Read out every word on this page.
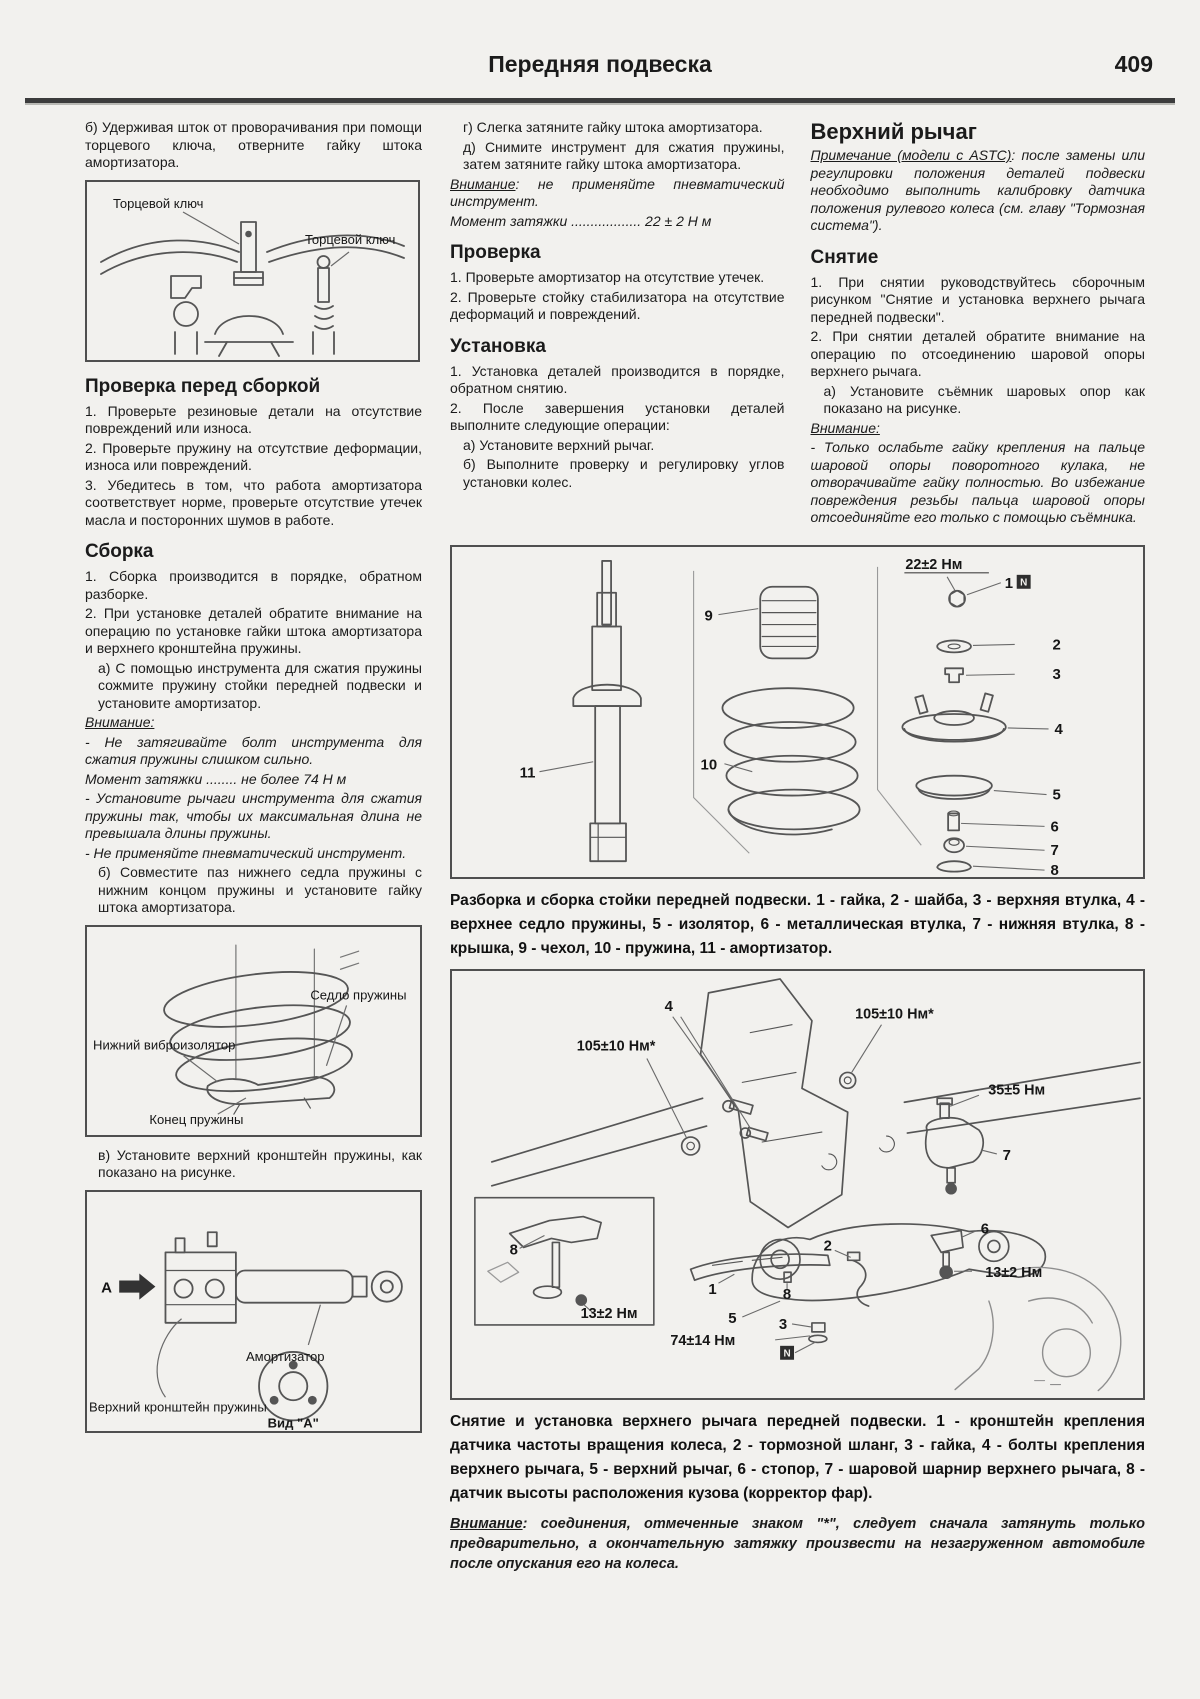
Передняя подвеска	409

б) Удерживая шток от проворачивания при помощи торцевого ключа, отверните гайку штока амортизатора.

Торцевой ключ
Торцевой ключ
Проверка перед сборкой

1. Проверьте резиновые детали на отсутствие повреждений или износа.

2. Проверьте пружину на отсутствие деформации, износа или повреждений.

3. Убедитесь в том, что работа амортизатора соответствует норме, проверьте отсутствие утечек масла и посторонних шумов в работе.

Сборка

1. Сборка производится в порядке, обратном разборке.

2. При установке деталей обратите внимание на операцию по установке гайки штока амортизатора и верхнего кронштейна пружины.

а) С помощью инструмента для сжатия пружины сожмите пружину стойки передней подвески и установите амортизатор.

Внимание:

- Не затягивайте болт инструмента для сжатия пружины слишком сильно.

Момент затяжки ........ не более 74 Н м

- Установите рычаги инструмента для сжатия пружины так, чтобы их максимальная длина не превышала длины пружины.

- Не применяйте пневматический инструмент.

б) Совместите паз нижнего седла пружины с нижним концом пружины и установите гайку штока амортизатора.

Седло пружины
Нижний виброизолятор
Конец пружины

в) Установите верхний кронштейн пружины, как показано на рисунке.

А
Амортизатор
Верхний кронштейн пружины
Вид "А"

г) Слегка затяните гайку штока амортизатора.

д) Снимите инструмент для сжатия пружины, затем затяните гайку штока амортизатора.

Внимание: не применяйте пневматический инструмент.

Момент затяжки .................. 22 ± 2 Н м

Проверка

1. Проверьте амортизатор на отсутствие утечек.

2. Проверьте стойку стабилизатора на отсутствие деформаций и повреждений.

Установка

1. Установка деталей производится в порядке, обратном снятию.

2. После завершения установки деталей выполните следующие операции:

а) Установите верхний рычаг.

б) Выполните проверку и регулировку углов установки колес.

Верхний рычаг

Примечание (модели с ASTC): после замены или регулировки положения деталей подвески необходимо выполнить калибровку датчика положения рулевого колеса (см. главу "Тормозная система").

Снятие

1. При снятии руководствуйтесь сборочным рисунком "Снятие и установка верхнего рычага передней подвески".

2. При снятии деталей обратите внимание на операцию по отсоединению шаровой опоры верхнего рычага.

а) Установите съёмник шаровых опор как показано на рисунке.

Внимание:

- Только ослабьте гайку крепления на пальце шаровой опоры поворотного кулака, не отворачивайте гайку полностью. Во избежание повреждения резьбы пальца шаровой опоры отсоединяйте его только с помощью съёмника.

22±2 Нм
1 N
2
3
4
5
6
7
8
9
10
11

Разборка и сборка стойки передней подвески. 1 - гайка, 2 - шайба, 3 - верхняя втулка, 4 - верхнее седло пружины, 5 - изолятор, 6 - металлическая втулка, 7 - нижняя втулка, 8 - крышка, 9 - чехол, 10 - пружина, 11 - амортизатор.

105±10 Нм*
105±10 Нм*
35±5 Нм
13±2 Нм
74±14 Нм
13±2 Нм
N
1
2
3
4
5
6
7
8
8

Снятие и установка верхнего рычага передней подвески. 1 - кронштейн крепления датчика частоты вращения колеса, 2 - тормозной шланг, 3 - гайка, 4 - болты крепления верхнего рычага, 5 - верхний рычаг, 6 - стопор, 7 - шаровой шарнир верхнего рычага, 8 - датчик высоты расположения кузова (корректор фар).

Внимание: соединения, отмеченные знаком "*", следует сначала затянуть только предварительно, а окончательную затяжку произвести на незагруженном автомобиле после опускания его на колеса.
